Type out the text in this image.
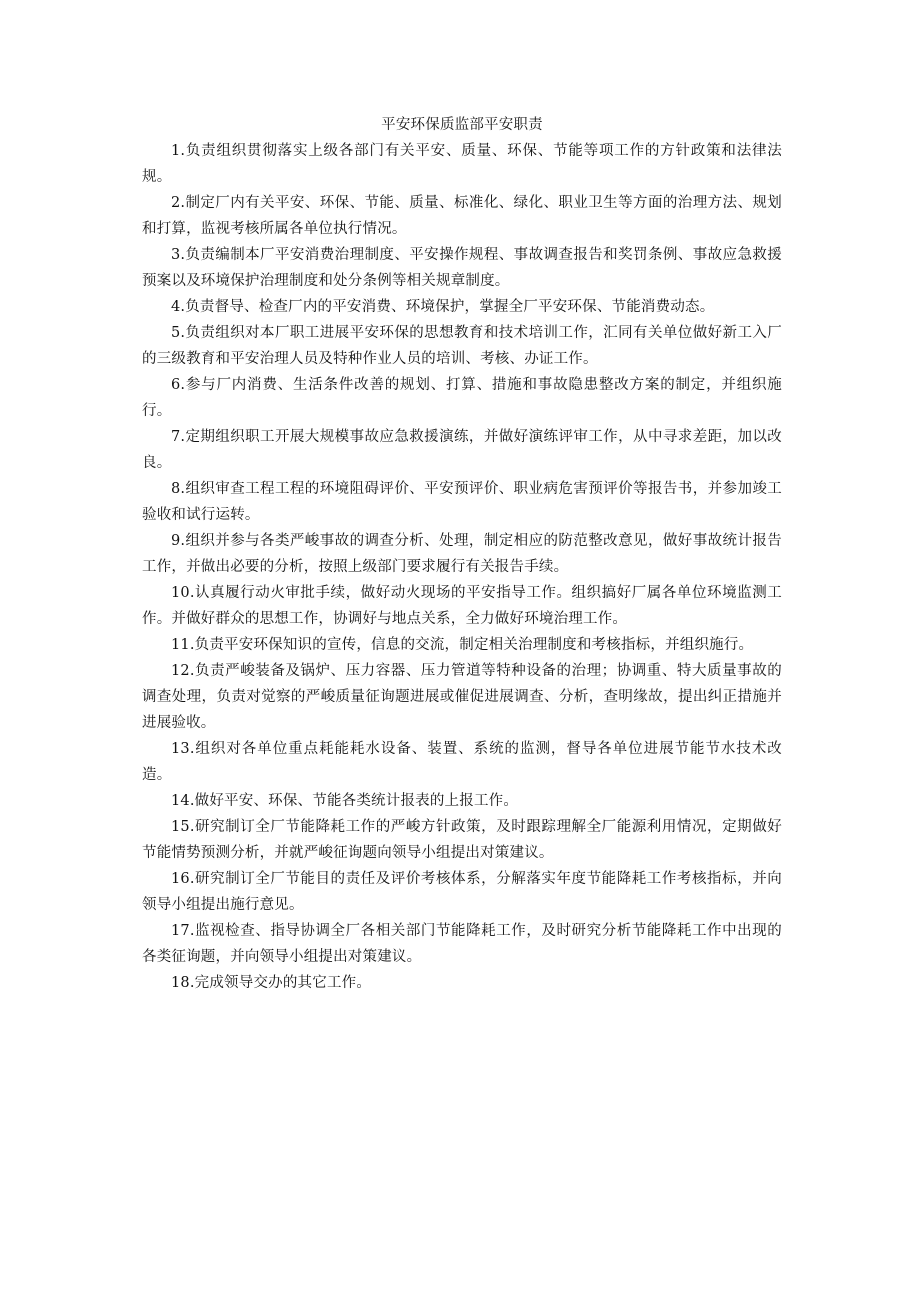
平安环保质监部平安职责

1.负责组织贯彻落实上级各部门有关平安、质量、环保、节能等项工作的方针政策和法律法规。

2.制定厂内有关平安、环保、节能、质量、标准化、绿化、职业卫生等方面的治理方法、规划和打算，监视考核所属各单位执行情况。

3.负责编制本厂平安消费治理制度、平安操作规程、事故调查报告和奖罚条例、事故应急救援预案以及环境保护治理制度和处分条例等相关规章制度。

4.负责督导、检查厂内的平安消费、环境保护，掌握全厂平安环保、节能消费动态。

5.负责组织对本厂职工进展平安环保的思想教育和技术培训工作，汇同有关单位做好新工入厂的三级教育和平安治理人员及特种作业人员的培训、考核、办证工作。

6.参与厂内消费、生活条件改善的规划、打算、措施和事故隐患整改方案的制定，并组织施行。

7.定期组织职工开展大规模事故应急救援演练，并做好演练评审工作，从中寻求差距，加以改良。

8.组织审查工程工程的环境阻碍评价、平安预评价、职业病危害预评价等报告书，并参加竣工验收和试行运转。

9.组织并参与各类严峻事故的调查分析、处理，制定相应的防范整改意见，做好事故统计报告工作，并做出必要的分析，按照上级部门要求履行有关报告手续。

10.认真履行动火审批手续，做好动火现场的平安指导工作。组织搞好厂属各单位环境监测工作。并做好群众的思想工作，协调好与地点关系，全力做好环境治理工作。

11.负责平安环保知识的宣传，信息的交流，制定相关治理制度和考核指标，并组织施行。

12.负责严峻装备及锅炉、压力容器、压力管道等特种设备的治理；协调重、特大质量事故的调查处理，负责对觉察的严峻质量征询题进展或催促进展调查、分析，查明缘故，提出纠正措施并进展验收。

13.组织对各单位重点耗能耗水设备、装置、系统的监测，督导各单位进展节能节水技术改造。

14.做好平安、环保、节能各类统计报表的上报工作。

15.研究制订全厂节能降耗工作的严峻方针政策，及时跟踪理解全厂能源利用情况，定期做好节能情势预测分析，并就严峻征询题向领导小组提出对策建议。

16.研究制订全厂节能目的责任及评价考核体系，分解落实年度节能降耗工作考核指标，并向领导小组提出施行意见。

17.监视检查、指导协调全厂各相关部门节能降耗工作，及时研究分析节能降耗工作中出现的各类征询题，并向领导小组提出对策建议。

18.完成领导交办的其它工作。
